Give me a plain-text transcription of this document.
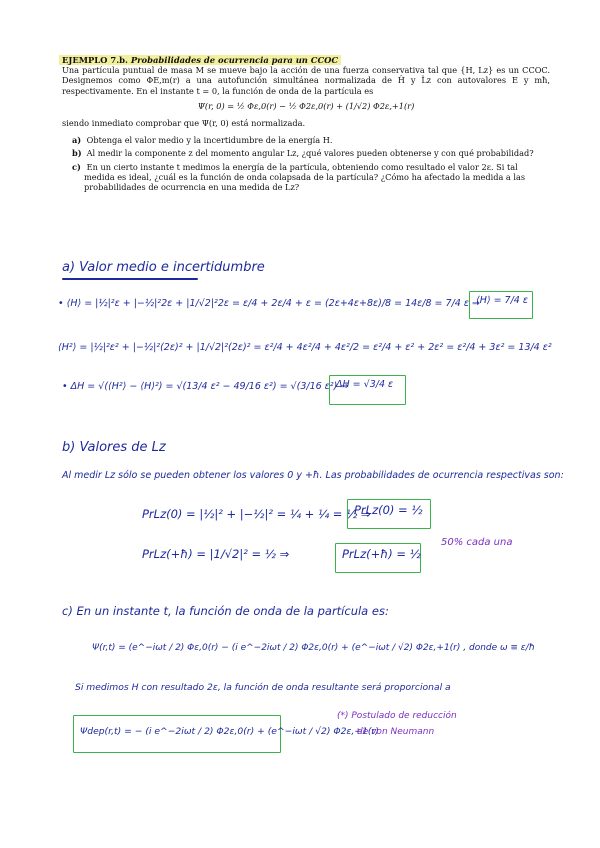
EJEMPLO 7.b. Probabilidades de ocurrencia para un CCOC

Una partícula puntual de masa M se mueve bajo la acción de una fuerza conservativa tal que {H, Lz} es un CCOC. Designemos como ΦE,m(r) a una autofunción simultánea normalizada de Ĥ y L̂z con autovalores E y mħ, respectivamente. En el instante t = 0, la función de onda de la partícula es

Ψ(r, 0) = ½ Φε,0(r) − ½ Φ2ε,0(r) + (1/√2) Φ2ε,+1(r)

siendo inmediato comprobar que Ψ(r, 0) está normalizada.

a) Obtenga el valor medio y la incertidumbre de la energía H.
b) Al medir la componente z del momento angular Lz, ¿qué valores pueden obtenerse y con qué probabilidad?
c) En un cierto instante t medimos la energía de la partícula, obteniendo como resultado el valor 2ε. Si tal medida es ideal, ¿cuál es la función de onda colapsada de la partícula? ¿Cómo ha afectado la medida a las probabilidades de ocurrencia en una medida de Lz?
a) Valor medio e incertidumbre
• ⟨H⟩ = |½|²ε + |−½|²2ε + |1/√2|²2ε = ε/4 + 2ε/4 + ε = (2ε+4ε+8ε)/8 = 14ε/8 = 7/4 ε ⇒
⟨H⟩ = 7/4 ε
⟨H²⟩ = |½|²ε² + |−½|²(2ε)² + |1/√2|²(2ε)² = ε²/4 + 4ε²/4 + 4ε²/2 = ε²/4 + ε² + 2ε² = ε²/4 + 3ε² = 13/4 ε²
• ΔH = √(⟨H²⟩ − ⟨H⟩²) = √(13/4 ε² − 49/16 ε²) = √(3/16 ε²) ⇒
ΔH = √3/4 ε
b) Valores de Lz
Al medir Lz sólo se pueden obtener los valores 0 y +ħ. Las probabilidades de ocurrencia respectivas son:
PrLz(0) = |½|² + |−½|² = ¼ + ¼ = ½ ⇒
PrLz(0) = ½
50% cada una
PrLz(+ħ) = |1/√2|² = ½ ⇒	PrLz(+ħ) = ½
c) En un instante t, la función de onda de la partícula es:
Ψ(r,t) = (e^−iωt / 2) Φε,0(r) − (i e^−2iωt / 2) Φ2ε,0(r) + (e^−iωt / √2) Φ2ε,+1(r) , donde ω ≡ ε/ħ
Si medimos H con resultado 2ε, la función de onda resultante será proporcional a
Ψdep(r,t) = − (i e^−2iωt / 2) Φ2ε,0(r) + (e^−iωt / √2) Φ2ε,+1(r)
(*) Postulado de reducción
de von Neumann
